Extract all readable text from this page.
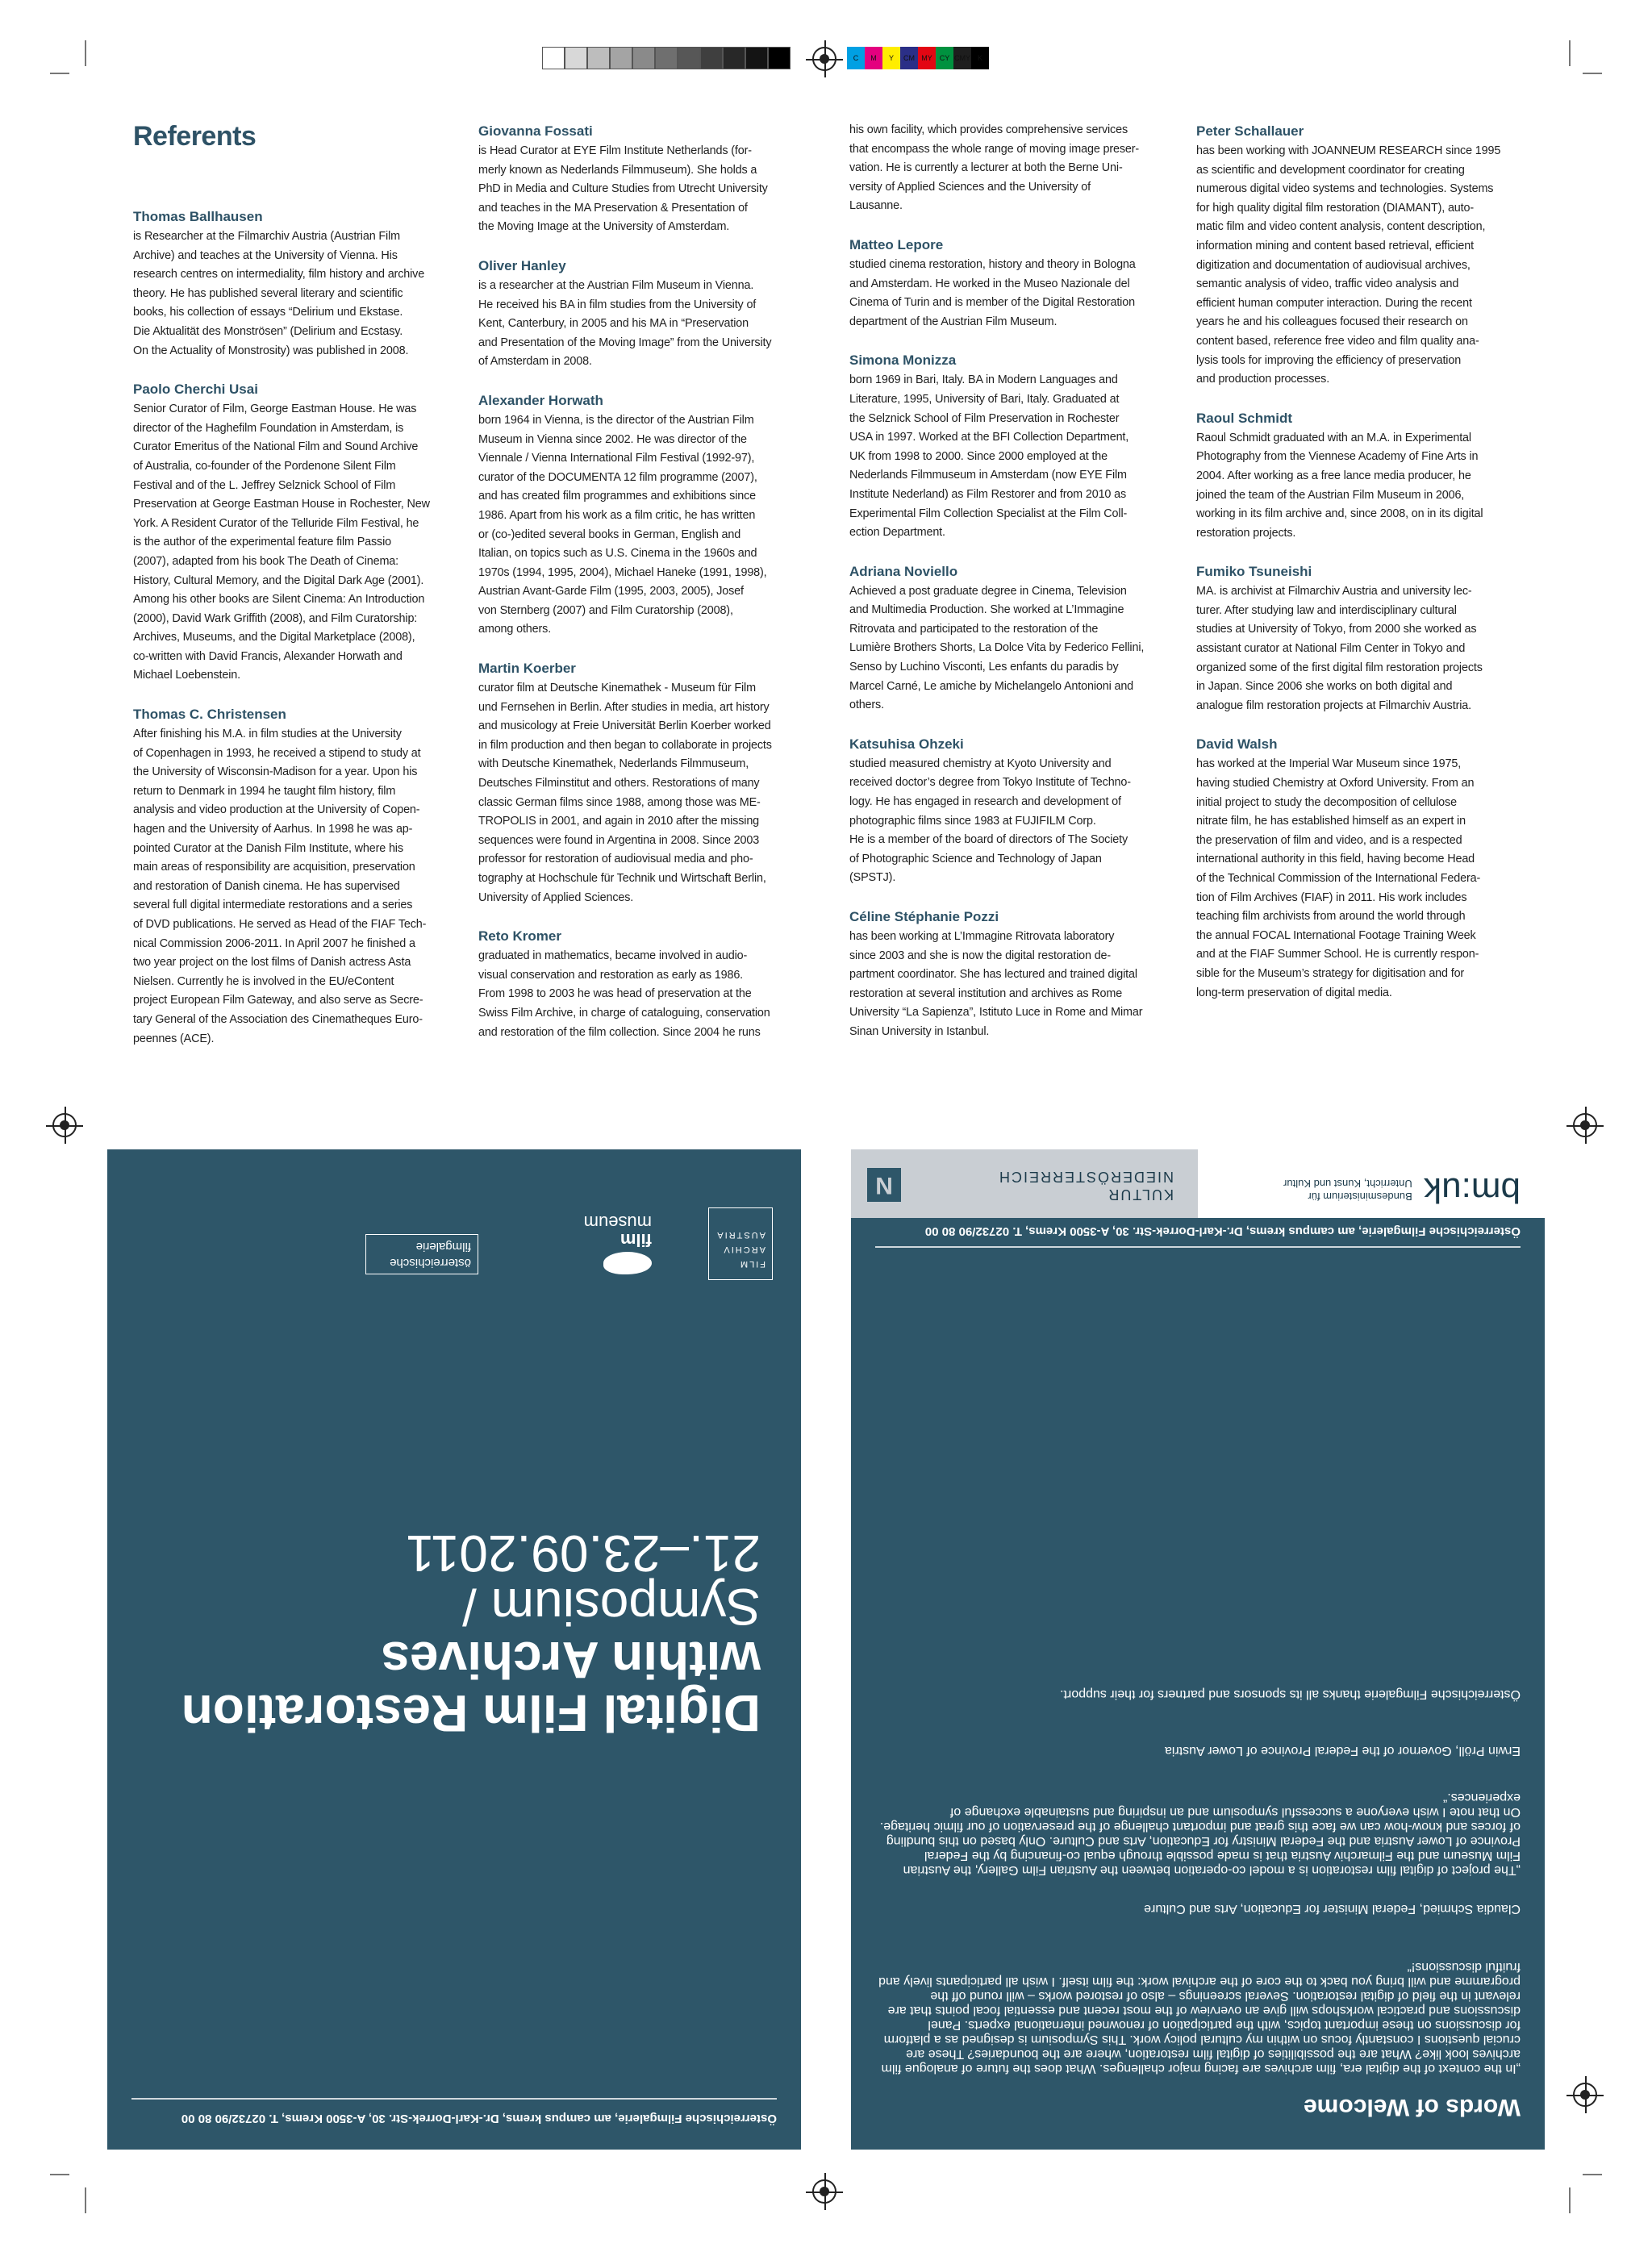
C	M	Y	CM MY CY CMY K
Referents
Thomas Ballhausen
is Researcher at the Filmarchiv Austria (Austrian Film
Archive) and teaches at the University of Vienna. His
research centres on intermediality, film history and archive
theory. He has published several literary and scientific
books, his collection of essays “Delirium und Ekstase.
Die Aktualität des Monströsen” (Delirium and Ecstasy.
On the Actuality of Monstrosity) was published in 2008.
Paolo Cherchi Usai
Senior Curator of Film, George Eastman House. He was
director of the Haghefilm Foundation in Amsterdam, is
Curator Emeritus of the National Film and Sound Archive
of Australia, co-founder of the Pordenone Silent Film
Festival and of the L. Jeffrey Selznick School of Film
Preservation at George Eastman House in Rochester, New
York. A Resident Curator of the Telluride Film Festival, he
is the author of the experimental feature film Passio
(2007), adapted from his book The Death of Cinema:
History, Cultural Memory, and the Digital Dark Age (2001).
Among his other books are Silent Cinema: An Introduction
(2000), David Wark Griffith (2008), and Film Curatorship:
Archives, Museums, and the Digital Marketplace (2008),
co-written with David Francis, Alexander Horwath and
Michael Loebenstein.
Thomas C. Christensen
After finishing his M.A. in film studies at the University
of Copenhagen in 1993, he received a stipend to study at
the University of Wisconsin-Madison for a year. Upon his
return to Denmark in 1994 he taught film history, film
analysis and video production at the University of Copen-
hagen and the University of Aarhus. In 1998 he was ap-
pointed Curator at the Danish Film Institute, where his
main areas of responsibility are acquisition, preservation
and restoration of Danish cinema. He has supervised
several full digital intermediate restorations and a series
of DVD publications. He served as Head of the FIAF Tech-
nical Commission 2006-2011. In April 2007 he finished a
two year project on the lost films of Danish actress Asta
Nielsen. Currently he is involved in the EU/eContent
project European Film Gateway, and also serve as Secre-
tary General of the Association des Cinematheques Euro-
peennes (ACE).
Giovanna Fossati
is Head Curator at EYE Film Institute Netherlands (for-
merly known as Nederlands Filmmuseum). She holds a
PhD in Media and Culture Studies from Utrecht University
and teaches in the MA Preservation & Presentation of
the Moving Image at the University of Amsterdam.
Oliver Hanley
is a researcher at the Austrian Film Museum in Vienna.
He received his BA in film studies from the University of
Kent, Canterbury, in 2005 and his MA in “Preservation
and Presentation of the Moving Image” from the University
of Amsterdam in 2008.
Alexander Horwath
born 1964 in Vienna, is the director of the Austrian Film
Museum in Vienna since 2002. He was director of the
Viennale / Vienna International Film Festival (1992-97),
curator of the DOCUMENTA 12 film programme (2007),
and has created film programmes and exhibitions since
1986. Apart from his work as a film critic, he has written
or (co-)edited several books in German, English and
Italian, on topics such as U.S. Cinema in the 1960s and
1970s (1994, 1995, 2004), Michael Haneke (1991, 1998),
Austrian Avant-Garde Film (1995, 2003, 2005), Josef
von Sternberg (2007) and Film Curatorship (2008),
among others.
Martin Koerber
curator film at Deutsche Kinemathek - Museum für Film
und Fernsehen in Berlin. After studies in media, art history
and musicology at Freie Universität Berlin Koerber worked
in film production and then began to collaborate in projects
with Deutsche Kinemathek, Nederlands Filmmuseum,
Deutsches Filminstitut and others. Restorations of many
classic German films since 1988, among those was ME-
TROPOLIS in 2001, and again in 2010 after the missing
sequences were found in Argentina in 2008. Since 2003
professor for restoration of audiovisual media and pho-
tography at Hochschule für Technik und Wirtschaft Berlin,
University of Applied Sciences.
Reto Kromer
graduated in mathematics, became involved in audio-
visual conservation and restoration as early as 1986.
From 1998 to 2003 he was head of preservation at the
Swiss Film Archive, in charge of cataloguing, conservation
and restoration of the film collection. Since 2004 he runs
his own facility, which provides comprehensive services
that encompass the whole range of moving image preser-
vation. He is currently a lecturer at both the Berne Uni-
versity of Applied Sciences and the University of
Lausanne.
Matteo Lepore
studied cinema restoration, history and theory in Bologna
and Amsterdam. He worked in the Museo Nazionale del
Cinema of Turin and is member of the Digital Restoration
department of the Austrian Film Museum.
Simona Monizza
born 1969 in Bari, Italy. BA in Modern Languages and
Literature, 1995, University of Bari, Italy. Graduated at
the Selznick School of Film Preservation in Rochester
USA in 1997. Worked at the BFI Collection Department,
UK from 1998 to 2000. Since 2000 employed at the
Nederlands Filmmuseum in Amsterdam (now EYE Film
Institute Nederland) as Film Restorer and from 2010 as
Experimental Film Collection Specialist at the Film Coll-
ection Department.
Adriana Noviello
Achieved a post graduate degree in Cinema, Television
and Multimedia Production. She worked at L’Immagine
Ritrovata and participated to the restoration of the
Lumière Brothers Shorts, La Dolce Vita by Federico Fellini,
Senso by Luchino Visconti, Les enfants du paradis by
Marcel Carné, Le amiche by Michelangelo Antonioni and
others.
Katsuhisa Ohzeki
studied measured chemistry at Kyoto University and
received doctor’s degree from Tokyo Institute of Techno-
logy. He has engaged in research and development of
photographic films since 1983 at FUJIFILM Corp.
He is a member of the board of directors of The Society
of Photographic Science and Technology of Japan
(SPSTJ).
Céline Stéphanie Pozzi
has been working at L’Immagine Ritrovata laboratory
since 2003 and she is now the digital restoration de-
partment coordinator. She has lectured and trained digital
restoration at several institution and archives as Rome
University “La Sapienza”, Istituto Luce in Rome and Mimar
Sinan University in Istanbul.
Peter Schallauer
has been working with JOANNEUM RESEARCH since 1995
as scientific and development coordinator for creating
numerous digital video systems and technologies. Systems
for high quality digital film restoration (DIAMANT), auto-
matic film and video content analysis, content description,
information mining and content based retrieval, efficient
digitization and documentation of audiovisual archives,
semantic analysis of video, traffic video analysis and
efficient human computer interaction. During the recent
years he and his colleagues focused their research on
content based, reference free video and film quality ana-
lysis tools for improving the efficiency of preservation
and production processes.
Raoul Schmidt
Raoul Schmidt graduated with an M.A. in Experimental
Photography from the Viennese Academy of Fine Arts in
2004. After working as a free lance media producer, he
joined the team of the Austrian Film Museum in 2006,
working in its film archive and, since 2008, on in its digital
restoration projects.
Fumiko Tsuneishi
MA. is archivist at Filmarchiv Austria and university lec-
turer. After studying law and interdisciplinary cultural
studies at University of Tokyo, from 2000 she worked as
assistant curator at National Film Center in Tokyo and
organized some of the first digital film restoration projects
in Japan. Since 2006 she works on both digital and
analogue film restoration projects at Filmarchiv Austria.
David Walsh
has worked at the Imperial War Museum since 1975,
having studied Chemistry at Oxford University. From an
initial project to study the decomposition of cellulose
nitrate film, he has established himself as an expert in
the preservation of film and video, and is a respected
international authority in this field, having become Head
of the Technical Commission of the International Federa-
tion of Film Archives (FIAF) in 2011. His work includes
teaching film archivists from around the world through
the annual FOCAL International Footage Training Week
and at the FIAF Summer School. He is currently respon-
sible for the Museum’s strategy for digitisation and for
long-term preservation of digital media.
Österreichische Filmgalerie, am campus krems, Dr.-Karl-Dorrek-Str. 30, A-3500 Krems, T. 02732/90 80 00
Digital Film Restoration
within Archives
Symposium /
21.–23.09.2011
FILM
ARCHIV
AUSTRIA
film
museum
österreichische
filmgalerie
Words of Welcome
„In the context of the digital era, film archives are facing major challenges. What does the future of analogue film archives look like? What are the possibilities of digital film restoration, where are the boundaries? These are crucial questions I constantly focus on within my cultural policy work. This Symposium is designed as a platform for discussions on these important topics, with the participation of renowned international experts. Panel discussions and practical workshops will give an overview of the most recent and essential focal points that are relevant in the field of digital restoration. Several screenings – also of restored works – will round off the programme and will bring you back to the core of the archival work: the film itself. I wish all participants lively and fruitful discussions!“
Claudia Schmied, Federal Minister for Education, Arts and Culture
„The project of digital film restoration is a model co-operation between the Austrian Film Gallery, the Austrian Film Museum and the Filmarchiv Austria that is made possible through equal co-financing by the Federal Province of Lower Austria and the Federal Ministry for Education, Arts and Culture. Only based on this bundling of forces and know-how can we face this great and important challenge of the preservation of our filmic heritage. On that note I wish everyone a successful symposium and an inspiring and sustainable exchange of experiences.“
Erwin Pröll, Governor of the Federal Province of Lower Austria
Österreichische Filmgalerie thanks all its sponsors and partners for their support.
Österreichische Filmgalerie, am campus krems, Dr.-Karl-Dorrek-Str. 30, A-3500 Krems, T. 02732/90 80 00
bm:uk
Bundesministerium für
Unterricht, Kunst und Kultur
KULTUR
NIEDERÖSTERREICH
N
